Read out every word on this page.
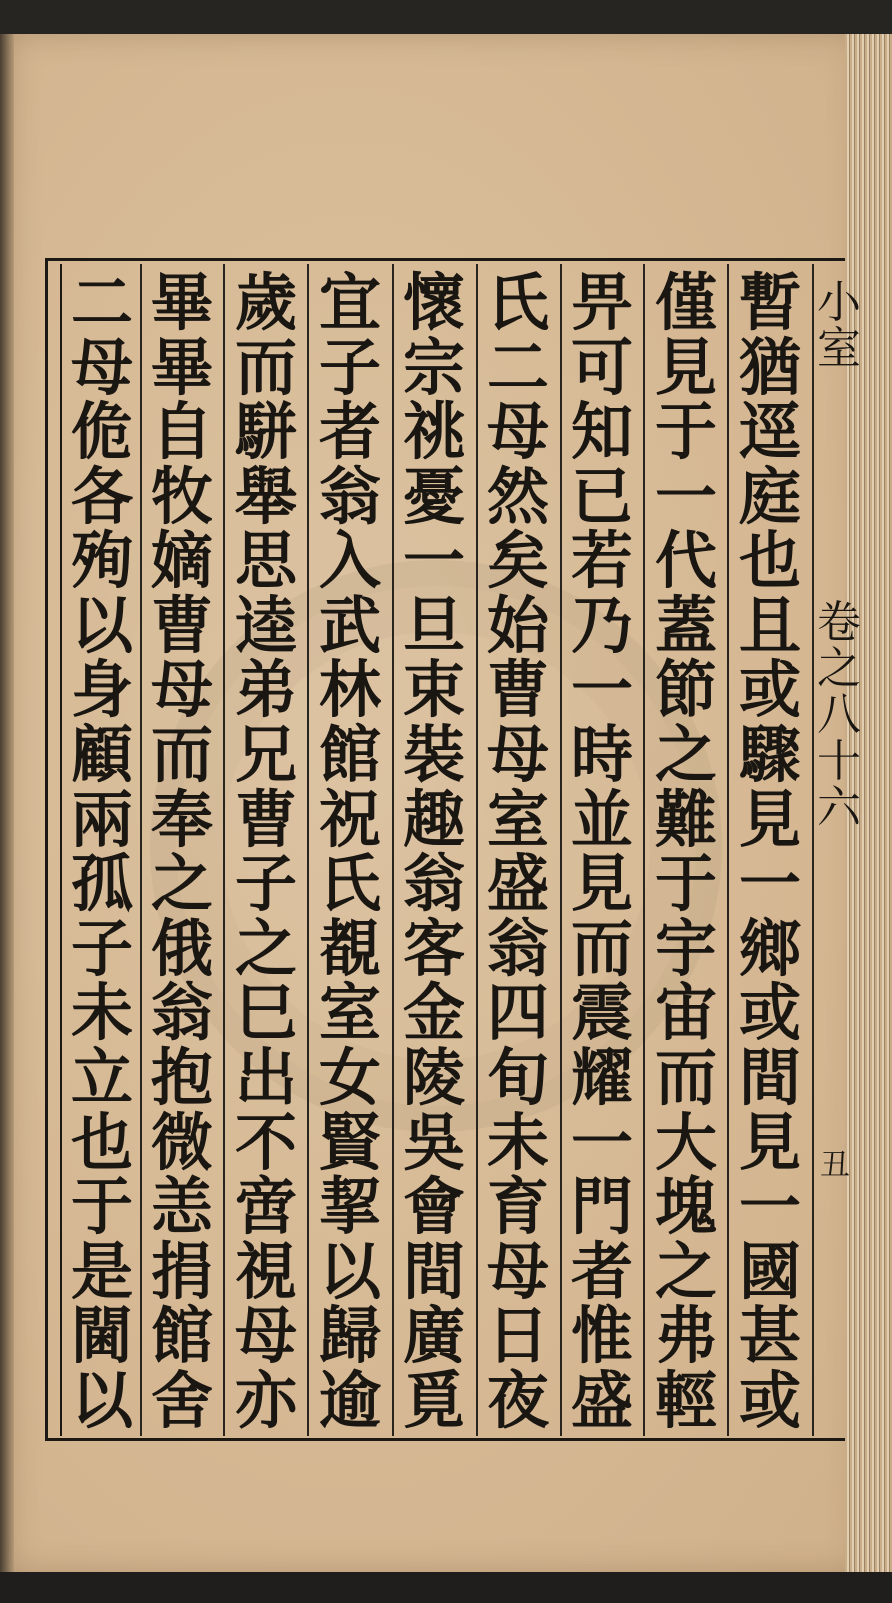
暫
猶
逕
庭
也
且
或
驟
見
一
鄉
或
間
見
一
國
甚
或
僅
見
于
一
代
蓋
節
之
難
于
宇
宙
而
大
塊
之
弗
輕
畀
可
知
已
若
乃
一
時
並
見
而
震
耀
一
門
者
惟
盛
氏
二
母
然
矣
始
曹
母
室
盛
翁
四
旬
未
育
母
日
夜
懷
宗
祧
憂
一
旦
束
裝
趣
翁
客
金
陵
吳
會
間
廣
覓
宜
子
者
翁
入
武
林
館
祝
氏
覩
室
女
賢
挈
以
歸
逾
歲
而
駢
舉
思
逵
弟
兄
曹
子
之
巳
出
不
啻
視
母
亦
畢
畢
自
牧
嫡
曹
母
而
奉
之
俄
翁
抱
微
恙
捐
館
舍
二
母
佹
各
殉
以
身
顧
兩
孤
子
未
立
也
于
是
閫
以
小
室
卷
之
八
十
六
丑
